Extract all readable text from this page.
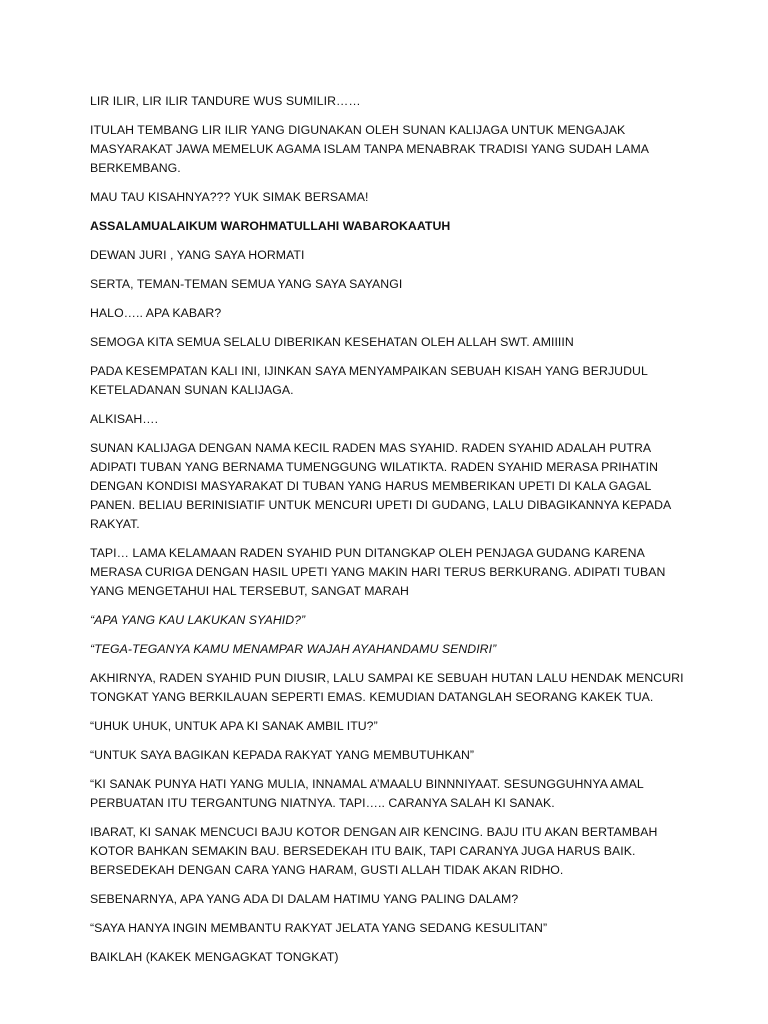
LIR ILIR, LIR ILIR TANDURE WUS SUMILIR……

ITULAH TEMBANG LIR ILIR YANG DIGUNAKAN OLEH SUNAN KALIJAGA UNTUK MENGAJAK MASYARAKAT JAWA MEMELUK AGAMA ISLAM TANPA MENABRAK TRADISI YANG SUDAH LAMA BERKEMBANG.

MAU TAU KISAHNYA??? YUK SIMAK BERSAMA!

ASSALAMUALAIKUM WAROHMATULLAHI WABAROKAATUH

DEWAN JURI , YANG SAYA HORMATI

SERTA, TEMAN-TEMAN SEMUA YANG SAYA SAYANGI

HALO….. APA KABAR?

SEMOGA KITA SEMUA SELALU DIBERIKAN KESEHATAN OLEH ALLAH SWT. AMIIIIN

PADA KESEMPATAN KALI INI, IJINKAN SAYA MENYAMPAIKAN SEBUAH KISAH YANG BERJUDUL KETELADANAN SUNAN KALIJAGA.

ALKISAH….

SUNAN KALIJAGA DENGAN NAMA KECIL RADEN MAS SYAHID. RADEN SYAHID ADALAH PUTRA ADIPATI TUBAN YANG BERNAMA TUMENGGUNG WILATIKTA. RADEN SYAHID MERASA PRIHATIN DENGAN KONDISI MASYARAKAT DI TUBAN YANG HARUS MEMBERIKAN UPETI DI KALA GAGAL PANEN. BELIAU BERINISIATIF UNTUK MENCURI UPETI DI GUDANG, LALU DIBAGIKANNYA KEPADA RAKYAT.

TAPI… LAMA KELAMAAN RADEN SYAHID PUN DITANGKAP OLEH PENJAGA GUDANG KARENA MERASA CURIGA DENGAN HASIL UPETI YANG MAKIN HARI TERUS BERKURANG. ADIPATI TUBAN YANG MENGETAHUI HAL TERSEBUT, SANGAT MARAH

“APA YANG KAU LAKUKAN SYAHID?”

“TEGA-TEGANYA KAMU MENAMPAR WAJAH AYAHANDAMU SENDIRI”

AKHIRNYA, RADEN SYAHID PUN DIUSIR, LALU SAMPAI KE SEBUAH HUTAN LALU HENDAK MENCURI TONGKAT YANG BERKILAUAN SEPERTI EMAS. KEMUDIAN DATANGLAH SEORANG KAKEK TUA.

“UHUK UHUK, UNTUK APA KI SANAK AMBIL ITU?”

“UNTUK SAYA BAGIKAN KEPADA RAKYAT YANG MEMBUTUHKAN”

“KI SANAK PUNYA HATI YANG MULIA, INNAMAL A’MAALU BINNNIYAAT. SESUNGGUHNYA AMAL PERBUATAN ITU TERGANTUNG NIATNYA. TAPI….. CARANYA SALAH KI SANAK.

IBARAT, KI SANAK MENCUCI BAJU KOTOR DENGAN AIR KENCING. BAJU ITU AKAN BERTAMBAH KOTOR BAHKAN SEMAKIN BAU. BERSEDEKAH ITU BAIK, TAPI CARANYA JUGA HARUS BAIK. BERSEDEKAH DENGAN CARA YANG HARAM, GUSTI ALLAH TIDAK AKAN RIDHO.

SEBENARNYA, APA YANG ADA DI DALAM HATIMU YANG PALING DALAM?

“SAYA HANYA INGIN MEMBANTU RAKYAT JELATA YANG SEDANG KESULITAN”

BAIKLAH (KAKEK MENGAGKAT TONGKAT)
